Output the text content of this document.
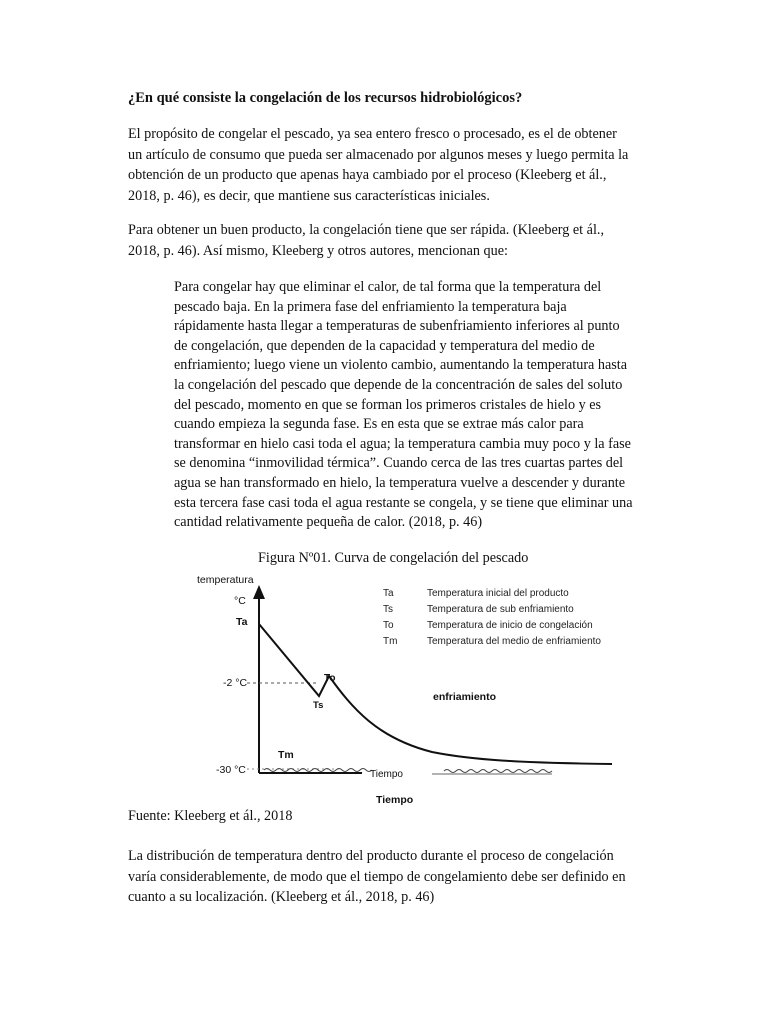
¿En qué consiste la congelación de los recursos hidrobiológicos?
El propósito de congelar el pescado, ya sea entero fresco o procesado, es el de obtener
un artículo de consumo que pueda ser almacenado por algunos meses y luego permita la
obtención de un producto que apenas haya cambiado por el proceso (Kleeberg et ál.,
2018, p. 46), es decir, que mantiene sus características iniciales.
Para obtener un buen producto, la congelación tiene que ser rápida. (Kleeberg et ál.,
2018, p. 46). Así mismo, Kleeberg y otros autores, mencionan que:
Para congelar hay que eliminar el calor, de tal forma que la temperatura del
pescado baja. En la primera fase del enfriamiento la temperatura baja
rápidamente hasta llegar a temperaturas de subenfriamiento inferiores al punto
de congelación, que dependen de la capacidad y temperatura del medio de
enfriamiento; luego viene un violento cambio, aumentando la temperatura hasta
la congelación del pescado que depende de la concentración de sales del soluto
del pescado, momento en que se forman los primeros cristales de hielo y es
cuando empieza la segunda fase. Es en esta que se extrae más calor para
transformar en hielo casi toda el agua; la temperatura cambia muy poco y la fase
se denomina “inmovilidad térmica”. Cuando cerca de las tres cuartas partes del
agua se han transformado en hielo, la temperatura vuelve a descender y durante
esta tercera fase casi toda el agua restante se congela, y se tiene que eliminar una
cantidad relativamente pequeña de calor. (2018, p. 46)
Figura Nº01. Curva de congelación del pescado
temperatura
°C
Ta
-2 °C
-30 °C
To
Ts
Tm
enfriamiento
Tiempo
Tiempo
Ta	Temperatura inicial del producto
Ts	Temperatura de sub enfriamiento
To	Temperatura de inicio de congelación
Tm	Temperatura del medio de enfriamiento
Fuente: Kleeberg et ál., 2018
La distribución de temperatura dentro del producto durante el proceso de congelación
varía considerablemente, de modo que el tiempo de congelamiento debe ser definido en
cuanto a su localización. (Kleeberg et ál., 2018, p. 46)
